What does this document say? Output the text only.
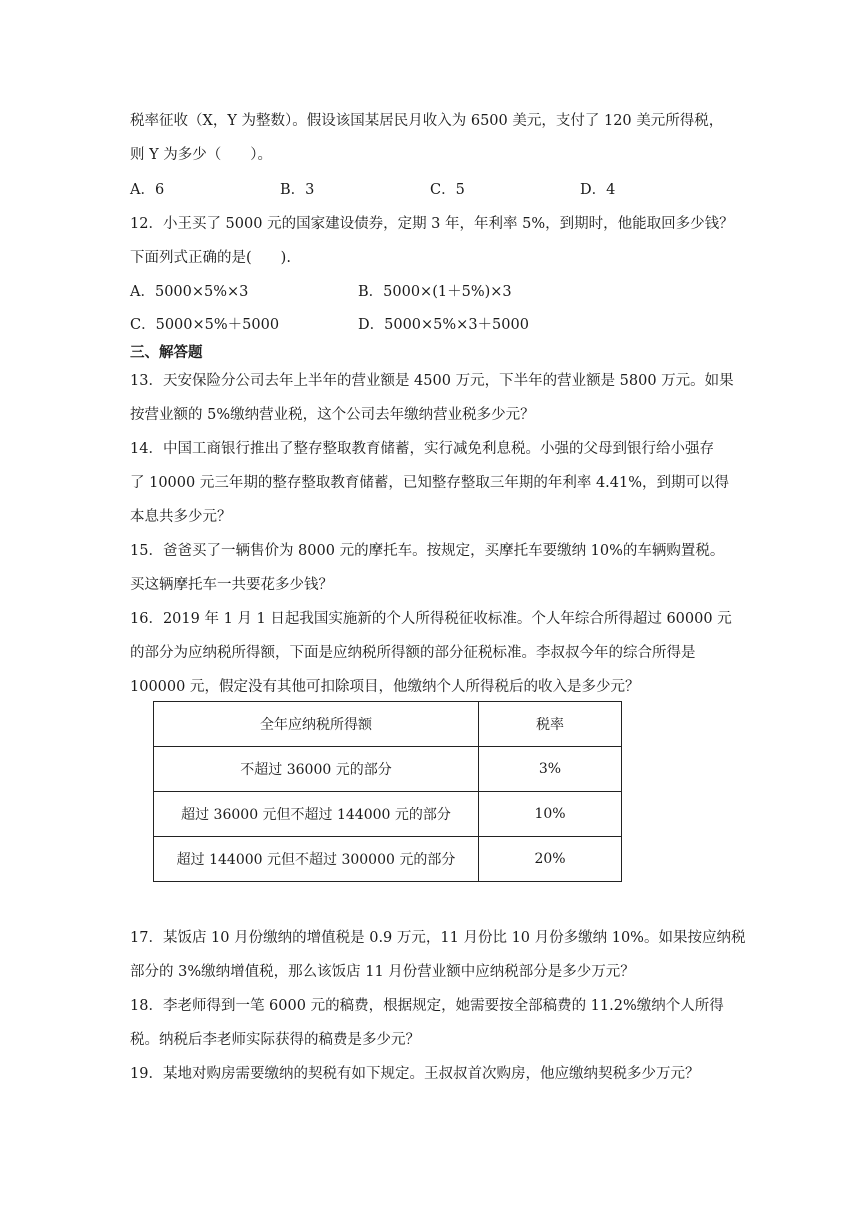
税率征收（X，Y 为整数）。假设该国某居民月收入为 6500 美元，支付了 120 美元所得税，
则 Y 为多少（　　）。
A．6	B．3	C．5	D．4
12．小王买了 5000 元的国家建设债券，定期 3 年，年利率 5%，到期时，他能取回多少钱？
下面列式正确的是(　　).
A．5000×5%×3	B．5000×(1＋5%)×3
C．5000×5%＋5000	D．5000×5%×3＋5000
三、解答题
13．天安保险分公司去年上半年的营业额是 4500 万元，下半年的营业额是 5800 万元。如果
按营业额的 5%缴纳营业税，这个公司去年缴纳营业税多少元？
14．中国工商银行推出了整存整取教育储蓄，实行减免利息税。小强的父母到银行给小强存
了 10000 元三年期的整存整取教育储蓄，已知整存整取三年期的年利率 4.41%，到期可以得
本息共多少元？
15．爸爸买了一辆售价为 8000 元的摩托车。按规定，买摩托车要缴纳 10%的车辆购置税。
买这辆摩托车一共要花多少钱？
16．2019 年 1 月 1 日起我国实施新的个人所得税征收标准。个人年综合所得超过 60000 元
的部分为应纳税所得额，下面是应纳税所得额的部分征税标准。李叔叔今年的综合所得是
100000 元，假定没有其他可扣除项目，他缴纳个人所得税后的收入是多少元？
全年应纳税所得额	税率
不超过 36000 元的部分	3%
超过 36000 元但不超过 144000 元的部分	10%
超过 144000 元但不超过 300000 元的部分	20%
17．某饭店 10 月份缴纳的增值税是 0.9 万元，11 月份比 10 月份多缴纳 10%。如果按应纳税
部分的 3%缴纳增值税，那么该饭店 11 月份营业额中应纳税部分是多少万元？
18．李老师得到一笔 6000 元的稿费，根据规定，她需要按全部稿费的 11.2%缴纳个人所得
税。纳税后李老师实际获得的稿费是多少元？
19．某地对购房需要缴纳的契税有如下规定。王叔叔首次购房，他应缴纳契税多少万元？
